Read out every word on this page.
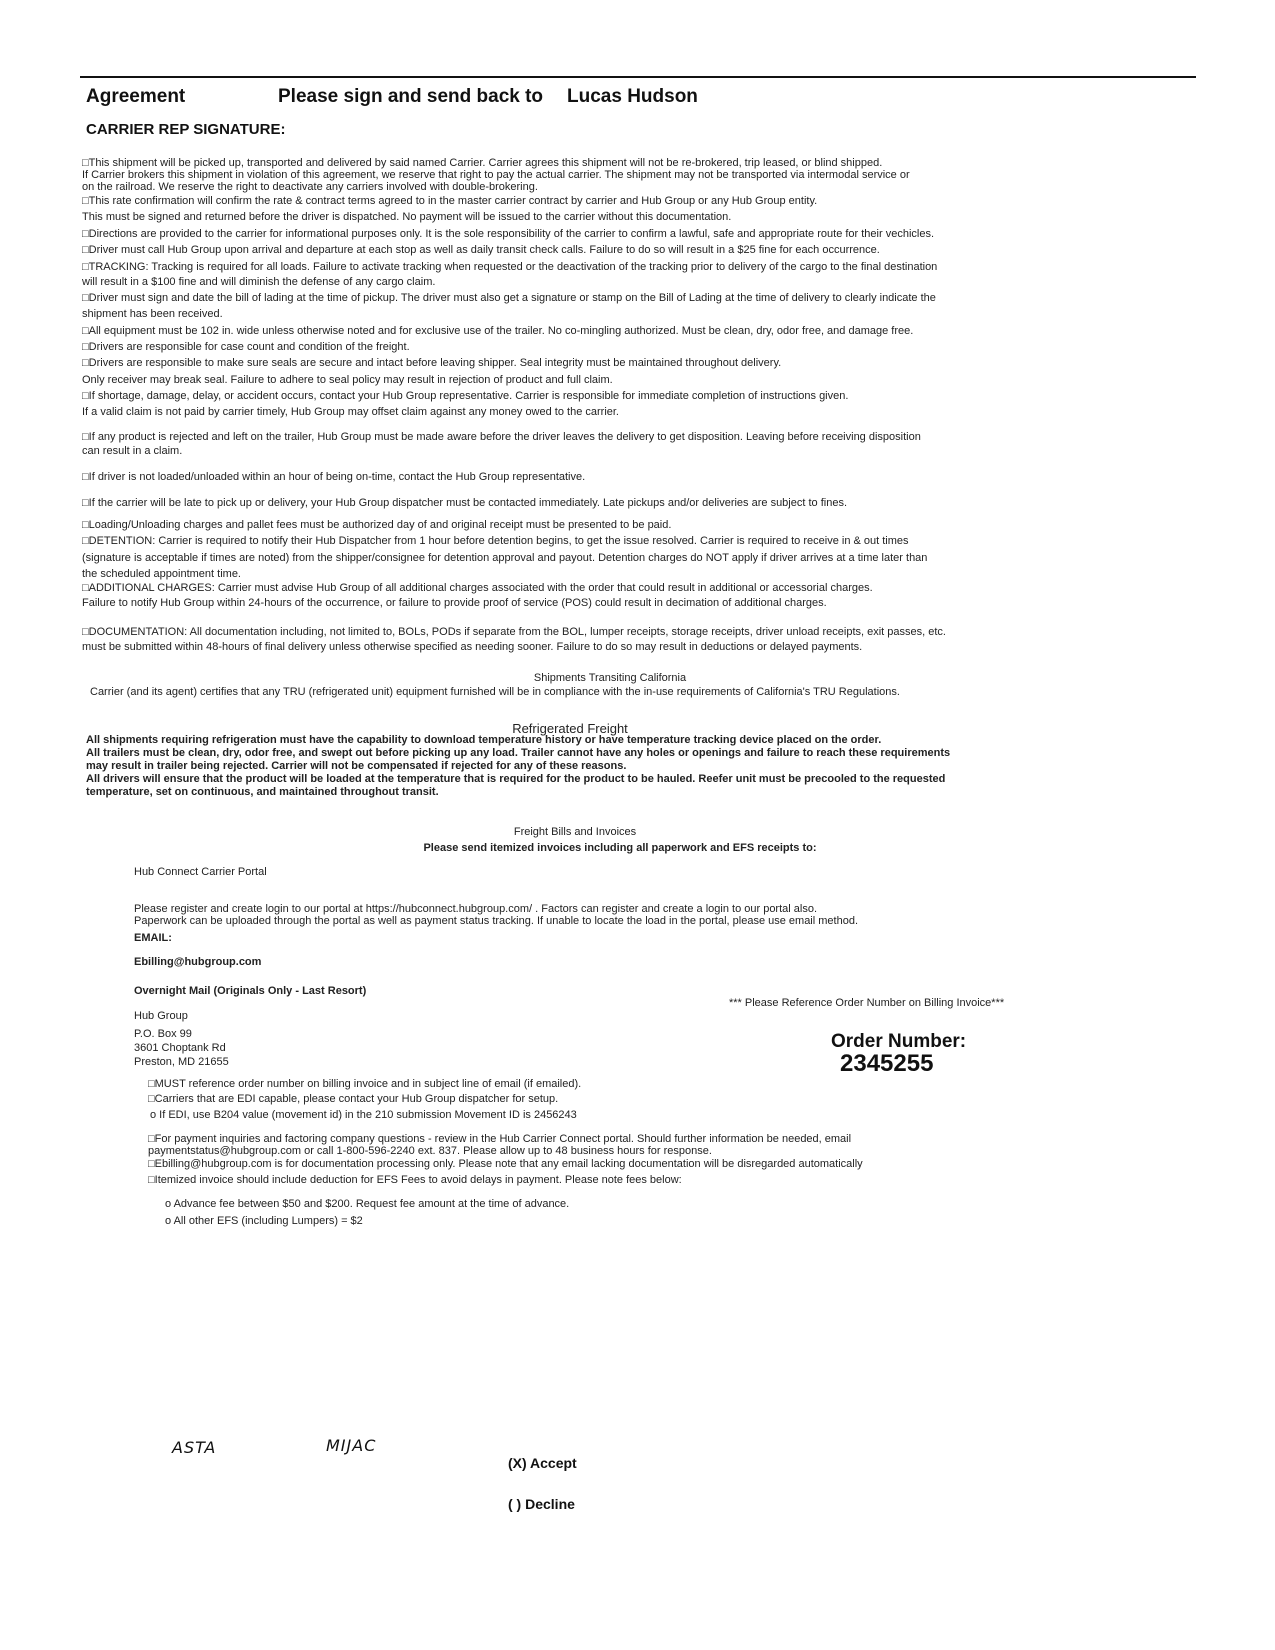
Agreement	Please sign and send back to Lucas Hudson
CARRIER REP SIGNATURE:
□This shipment will be picked up, transported and delivered by said named Carrier. Carrier agrees this shipment will not be re-brokered, trip leased, or blind shipped.
If Carrier brokers this shipment in violation of this agreement, we reserve that right to pay the actual carrier. The shipment may not be transported via intermodal service or
on the railroad. We reserve the right to deactivate any carriers involved with double-brokering.
□This rate confirmation will confirm the rate & contract terms agreed to in the master carrier contract by carrier and Hub Group or any Hub Group entity.
This must be signed and returned before the driver is dispatched. No payment will be issued to the carrier without this documentation.
□Directions are provided to the carrier for informational purposes only. It is the sole responsibility of the carrier to confirm a lawful, safe and appropriate route for their vechicles.
□Driver must call Hub Group upon arrival and departure at each stop as well as daily transit check calls. Failure to do so will result in a $25 fine for each occurrence.
□TRACKING: Tracking is required for all loads. Failure to activate tracking when requested or the deactivation of the tracking prior to delivery of the cargo to the final destination
will result in a $100 fine and will diminish the defense of any cargo claim.
□Driver must sign and date the bill of lading at the time of pickup. The driver must also get a signature or stamp on the Bill of Lading at the time of delivery to clearly indicate the
shipment has been received.
□All equipment must be 102 in. wide unless otherwise noted and for exclusive use of the trailer. No co-mingling authorized. Must be clean, dry, odor free, and damage free.
□Drivers are responsible for case count and condition of the freight.
□Drivers are responsible to make sure seals are secure and intact before leaving shipper. Seal integrity must be maintained throughout delivery.
Only receiver may break seal. Failure to adhere to seal policy may result in rejection of product and full claim.
□If shortage, damage, delay, or accident occurs, contact your Hub Group representative. Carrier is responsible for immediate completion of instructions given.
If a valid claim is not paid by carrier timely, Hub Group may offset claim against any money owed to the carrier.
□If any product is rejected and left on the trailer, Hub Group must be made aware before the driver leaves the delivery to get disposition. Leaving before receiving disposition
can result in a claim.
□If driver is not loaded/unloaded within an hour of being on-time, contact the Hub Group representative.
□If the carrier will be late to pick up or delivery, your Hub Group dispatcher must be contacted immediately. Late pickups and/or deliveries are subject to fines.
□Loading/Unloading charges and pallet fees must be authorized day of and original receipt must be presented to be paid.
□DETENTION: Carrier is required to notify their Hub Dispatcher from 1 hour before detention begins, to get the issue resolved. Carrier is required to receive in & out times
(signature is acceptable if times are noted) from the shipper/consignee for detention approval and payout. Detention charges do NOT apply if driver arrives at a time later than
the scheduled appointment time.
□ADDITIONAL CHARGES: Carrier must advise Hub Group of all additional charges associated with the order that could result in additional or accessorial charges.
Failure to notify Hub Group within 24-hours of the occurrence, or failure to provide proof of service (POS) could result in decimation of additional charges.
□DOCUMENTATION: All documentation including, not limited to, BOLs, PODs if separate from the BOL, lumper receipts, storage receipts, driver unload receipts, exit passes, etc.
must be submitted within 48-hours of final delivery unless otherwise specified as needing sooner. Failure to do so may result in deductions or delayed payments.
Shipments Transiting California
Carrier (and its agent) certifies that any TRU (refrigerated unit) equipment furnished will be in compliance with the in-use requirements of California's TRU Regulations.
Refrigerated Freight
All shipments requiring refrigeration must have the capability to download temperature history or have temperature tracking device placed on the order.
All trailers must be clean, dry, odor free, and swept out before picking up any load. Trailer cannot have any holes or openings and failure to reach these requirements
may result in trailer being rejected. Carrier will not be compensated if rejected for any of these reasons.
All drivers will ensure that the product will be loaded at the temperature that is required for the product to be hauled. Reefer unit must be precooled to the requested
temperature, set on continuous, and maintained throughout transit.
Freight Bills and Invoices
Please send itemized invoices including all paperwork and EFS receipts to:
Hub Connect Carrier Portal
Please register and create login to our portal at https://hubconnect.hubgroup.com/ . Factors can register and create a login to our portal also.
Paperwork can be uploaded through the portal as well as payment status tracking. If unable to locate the load in the portal, please use email method.
EMAIL:
Ebilling@hubgroup.com
Overnight Mail (Originals Only - Last Resort)
*** Please Reference Order Number on Billing Invoice***
Hub Group
P.O. Box 99
3601 Choptank Rd
Preston, MD 21655
Order Number:
2345255
□MUST reference order number on billing invoice and in subject line of email (if emailed).
□Carriers that are EDI capable, please contact your Hub Group dispatcher for setup.
o If EDI, use B204 value (movement id) in the 210 submission Movement ID is 2456243
□For payment inquiries and factoring company questions - review in the Hub Carrier Connect portal. Should further information be needed, email
paymentstatus@hubgroup.com or call 1-800-596-2240 ext. 837. Please allow up to 48 business hours for response.
□Ebilling@hubgroup.com is for documentation processing only. Please note that any email lacking documentation will be disregarded automatically
□Itemized invoice should include deduction for EFS Fees to avoid delays in payment. Please note fees below:
o Advance fee between $50 and $200. Request fee amount at the time of advance.
o All other EFS (including Lumpers) = $2
ASTA	MIJAC
(X) Accept
( ) Decline
